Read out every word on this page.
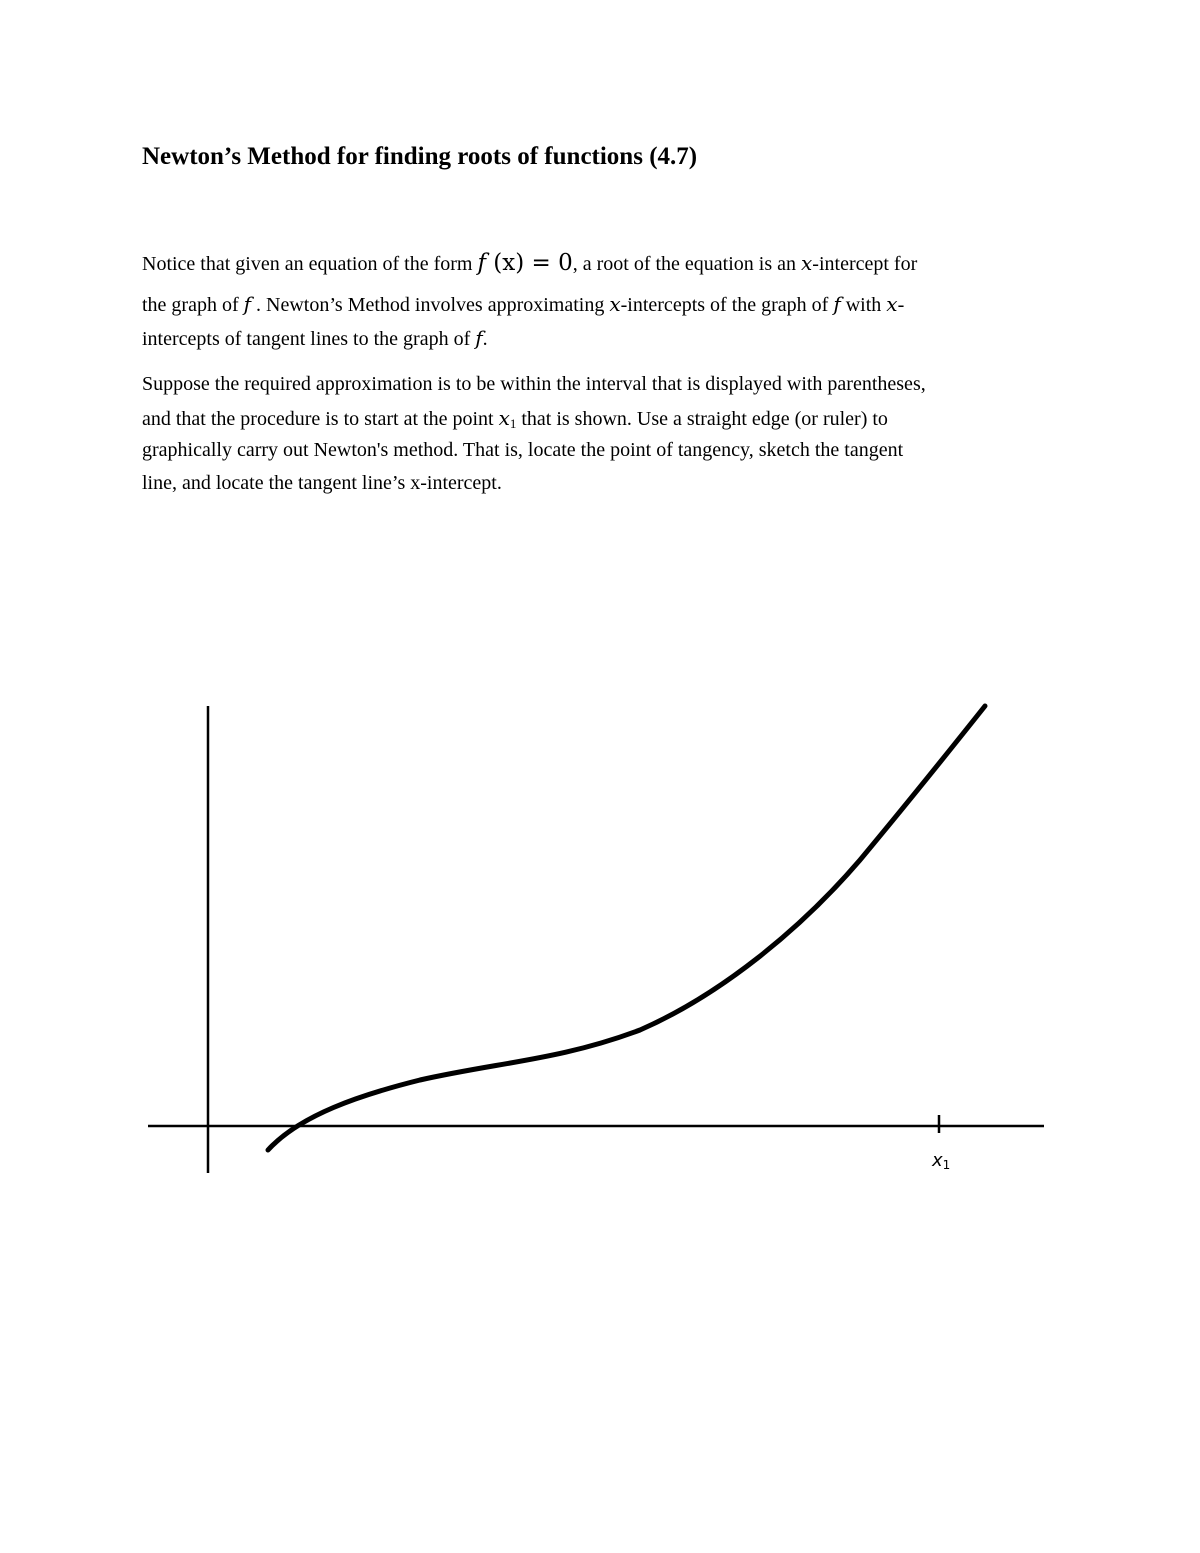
Newton’s Method for finding roots of functions (4.7)
Notice that given an equation of the form f (x) = 0, a root of the equation is an x-intercept for
the graph of f . Newton’s Method involves approximating x-intercepts of the graph of f with x-
intercepts of tangent lines to the graph of f.
Suppose the required approximation is to be within the interval that is displayed with parentheses,
and that the procedure is to start at the point $x_1$ that is shown. Use a straight edge (or ruler) to
graphically carry out Newton's method. That is, locate the point of tangency, sketch the tangent
line, and locate the tangent line’s x-intercept.
x1
